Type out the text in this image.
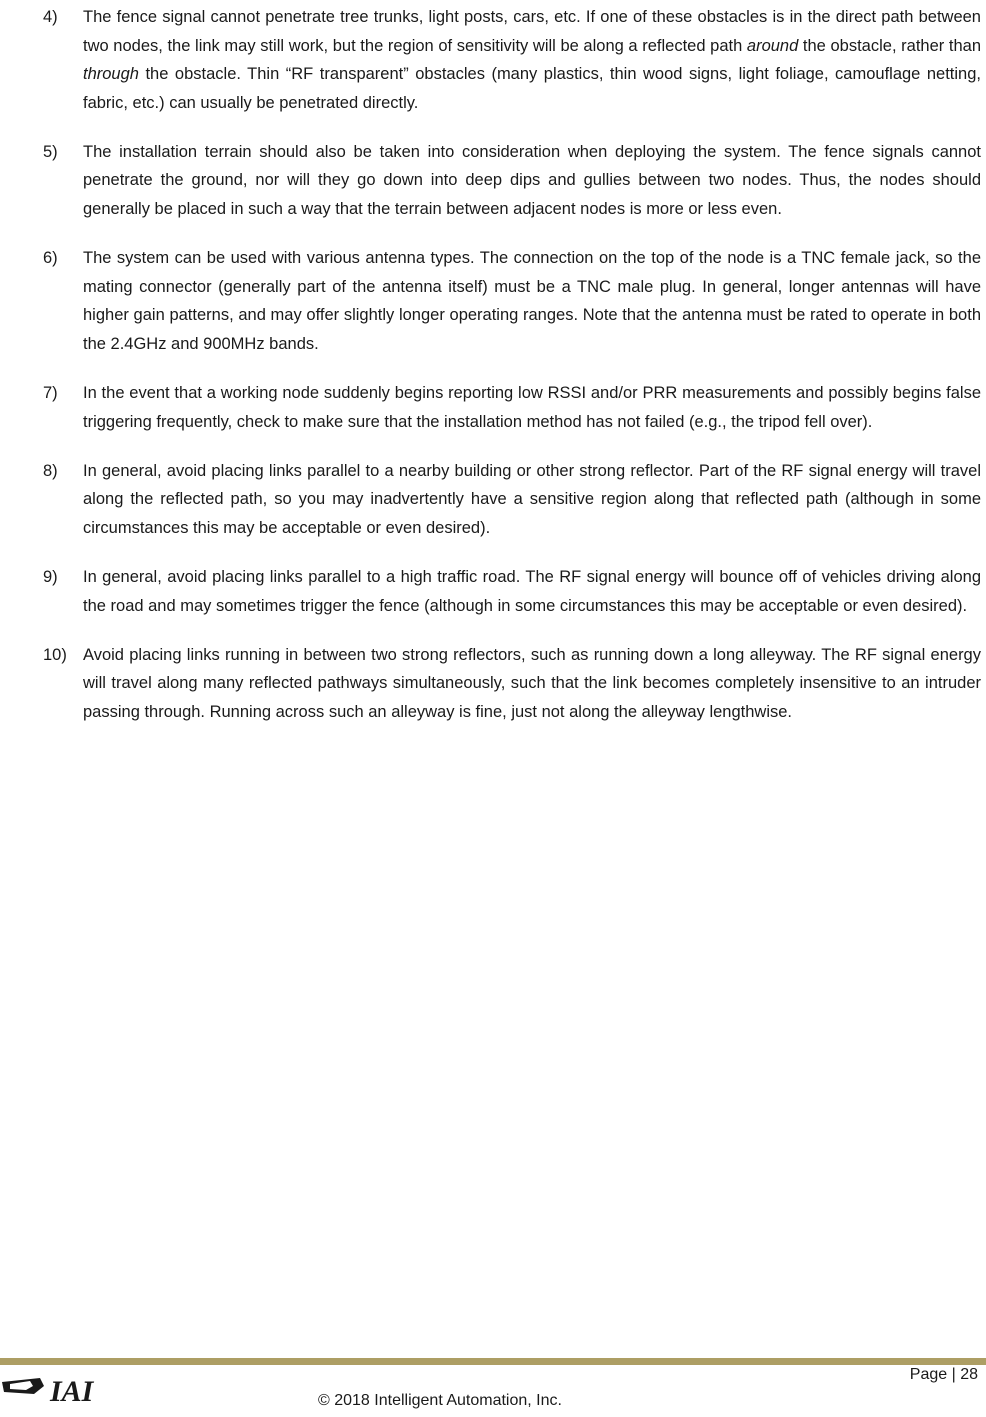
4) The fence signal cannot penetrate tree trunks, light posts, cars, etc. If one of these obstacles is in the direct path between two nodes, the link may still work, but the region of sensitivity will be along a reflected path around the obstacle, rather than through the obstacle. Thin “RF transparent” obstacles (many plastics, thin wood signs, light foliage, camouflage netting, fabric, etc.) can usually be penetrated directly.
5) The installation terrain should also be taken into consideration when deploying the system. The fence signals cannot penetrate the ground, nor will they go down into deep dips and gullies between two nodes. Thus, the nodes should generally be placed in such a way that the terrain between adjacent nodes is more or less even.
6) The system can be used with various antenna types. The connection on the top of the node is a TNC female jack, so the mating connector (generally part of the antenna itself) must be a TNC male plug. In general, longer antennas will have higher gain patterns, and may offer slightly longer operating ranges. Note that the antenna must be rated to operate in both the 2.4GHz and 900MHz bands.
7) In the event that a working node suddenly begins reporting low RSSI and/or PRR measurements and possibly begins false triggering frequently, check to make sure that the installation method has not failed (e.g., the tripod fell over).
8) In general, avoid placing links parallel to a nearby building or other strong reflector. Part of the RF signal energy will travel along the reflected path, so you may inadvertently have a sensitive region along that reflected path (although in some circumstances this may be acceptable or even desired).
9) In general, avoid placing links parallel to a high traffic road. The RF signal energy will bounce off of vehicles driving along the road and may sometimes trigger the fence (although in some circumstances this may be acceptable or even desired).
10) Avoid placing links running in between two strong reflectors, such as running down a long alleyway. The RF signal energy will travel along many reflected pathways simultaneously, such that the link becomes completely insensitive to an intruder passing through. Running across such an alleyway is fine, just not along the alleyway lengthwise.
IAI
Page | 28
© 2018 Intelligent Automation, Inc.
